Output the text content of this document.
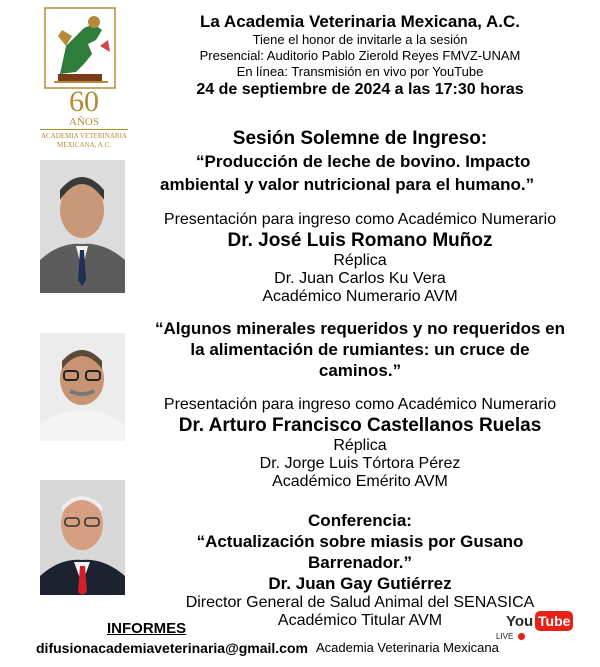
60
AÑOS
ACADEMIA VETERINARIA
MEXICANA, A.C.
La Academia Veterinaria Mexicana, A.C.
Tiene el honor de invitarle a la sesión
Presencial: Auditorio Pablo Zierold Reyes FMVZ-UNAM
En línea: Transmisión en vivo por YouTube
24 de septiembre de 2024 a las 17:30 horas
Sesión Solemne de Ingreso:
“Producción de leche de bovino. Impacto
ambiental y valor nutricional para el humano.”
Presentación para ingreso como Académico Numerario
Dr. José Luis Romano Muñoz
Réplica
Dr. Juan Carlos Ku Vera
Académico Numerario AVM
“Algunos minerales requeridos y no requeridos en
la alimentación de rumiantes: un cruce de
caminos.”
Presentación para ingreso como Académico Numerario
Dr. Arturo Francisco Castellanos Ruelas
Réplica
Dr. Jorge Luis Tórtora Pérez
Académico Emérito AVM
Conferencia:
“Actualización sobre miasis por Gusano
Barrenador.”
Dr. Juan Gay Gutiérrez
Director General de Salud Animal del SENASICA
Académico Titular AVM
INFORMES
difusionacademiaveterinaria@gmail.com Academia Veterinaria Mexicana
You Tube
LIVE
